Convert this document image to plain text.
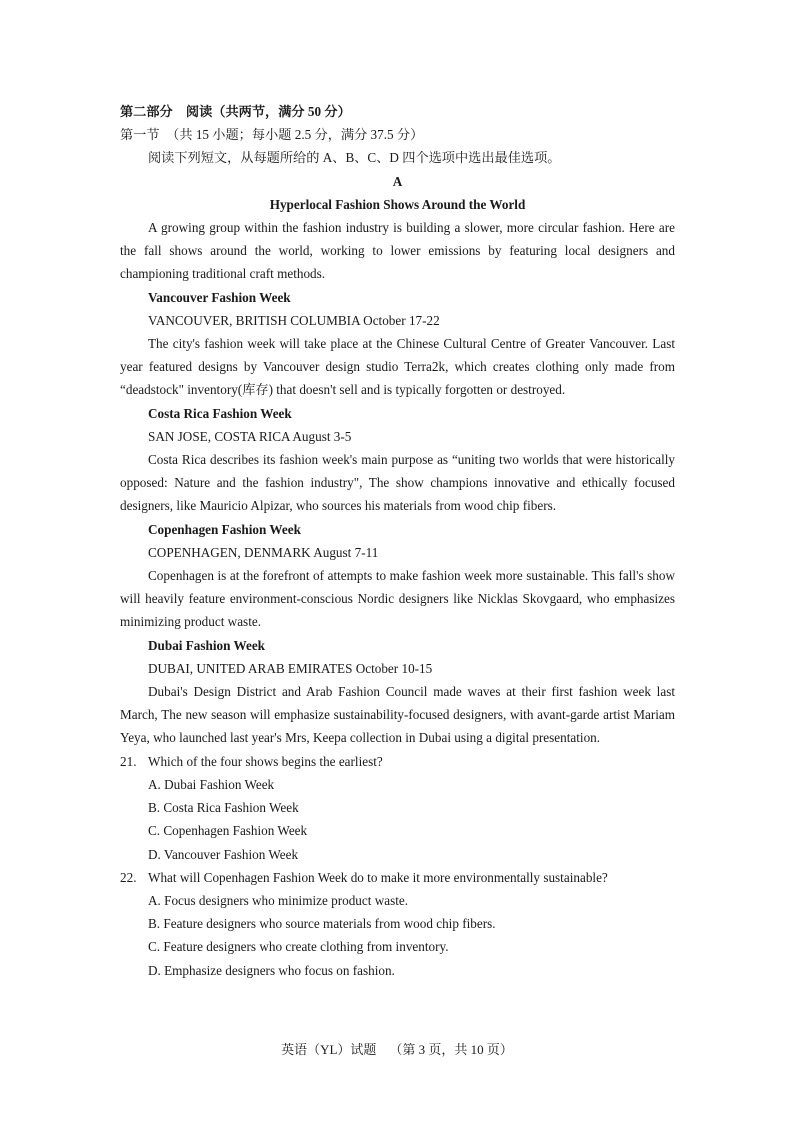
第二部分　阅读（共两节，满分 50 分）

第一节　（共 15 小题；每小题 2.5 分，满分 37.5 分）

阅读下列短文，从每题所给的 A、B、C、D 四个选项中选出最佳选项。

A

Hyperlocal Fashion Shows Around the World

A growing group within the fashion industry is building a slower, more circular fashion. Here are the fall shows around the world, working to lower emissions by featuring local designers and championing traditional craft methods.

Vancouver Fashion Week

VANCOUVER, BRITISH COLUMBIA October 17-22

The city's fashion week will take place at the Chinese Cultural Centre of Greater Vancouver. Last year featured designs by Vancouver design studio Terra2k, which creates clothing only made from “deadstock" inventory(库存) that doesn't sell and is typically forgotten or destroyed.

Costa Rica Fashion Week

SAN JOSE, COSTA RICA August 3-5

Costa Rica describes its fashion week's main purpose as “uniting two worlds that were historically opposed: Nature and the fashion industry", The show champions innovative and ethically focused designers, like Mauricio Alpizar, who sources his materials from wood chip fibers.

Copenhagen Fashion Week

COPENHAGEN, DENMARK August 7-11

Copenhagen is at the forefront of attempts to make fashion week more sustainable. This fall's show will heavily feature environment-conscious Nordic designers like Nicklas Skovgaard, who emphasizes minimizing product waste.

Dubai Fashion Week

DUBAI, UNITED ARAB EMIRATES October 10-15

Dubai's Design District and Arab Fashion Council made waves at their first fashion week last March, The new season will emphasize sustainability-focused designers, with avant-garde artist Mariam Yeya, who launched last year's Mrs, Keepa collection in Dubai using a digital presentation.

21. Which of the four shows begins the earliest?

A. Dubai Fashion Week
B. Costa Rica Fashion Week
C. Copenhagen Fashion Week
D. Vancouver Fashion Week

22. What will Copenhagen Fashion Week do to make it more environmentally sustainable?

A. Focus designers who minimize product waste.
B. Feature designers who source materials from wood chip fibers.
C. Feature designers who create clothing from inventory.
D. Emphasize designers who focus on fashion.
英语（YL）试题 （第 3 页，共 10 页）
